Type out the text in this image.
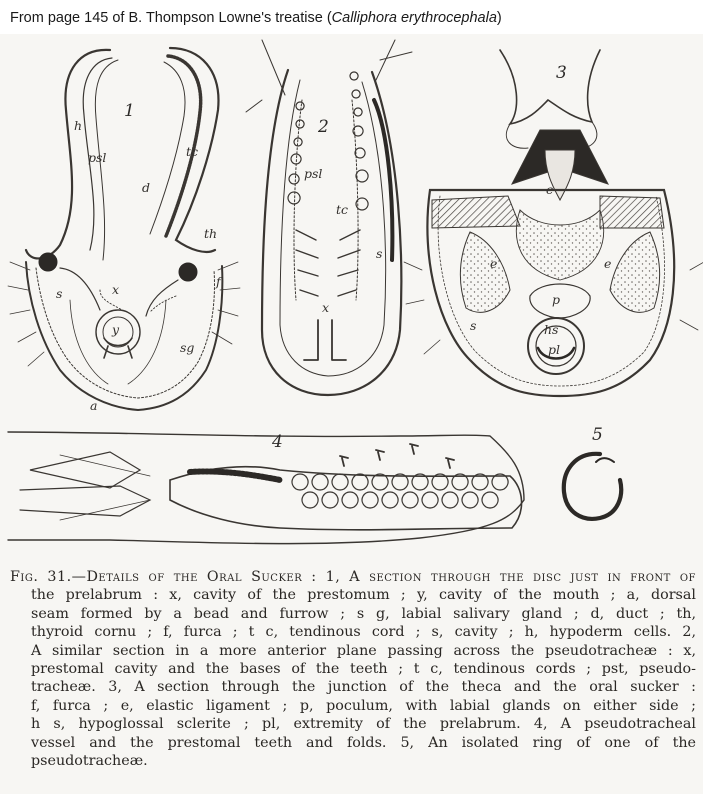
From page 145 of B. Thompson Lowne's treatise (Calliphora erythrocephala)
1
2
3
4	5
h
psl	tc
d
th
s	x
y
f
sg
a
psl
tc
s
x
c
e	e
s
p
hs
pl
Fig. 31.—Details of the Oral Sucker : 1, A section through the disc just in front of
the prelabrum : x, cavity of the prestomum ; y, cavity of the mouth ; a, dorsal
seam formed by a bead and furrow ; s g, labial salivary gland ; d, duct ; th,
thyroid cornu ; f, furca ; t c, tendinous cord ; s, cavity ; h, hypoderm cells. 2,
A similar section in a more anterior plane passing across the pseudotracheæ : x,
prestomal cavity and the bases of the teeth ; t c, tendinous cords ; pst, pseudo-
tracheæ. 3, A section through the junction of the theca and the oral sucker :
f, furca ; e, elastic ligament ; p, poculum, with labial glands on either side ;
h s, hypoglossal sclerite ; pl, extremity of the prelabrum. 4, A pseudotracheal
vessel and the prestomal teeth and folds. 5, An isolated ring of one of the
pseudotracheæ.
